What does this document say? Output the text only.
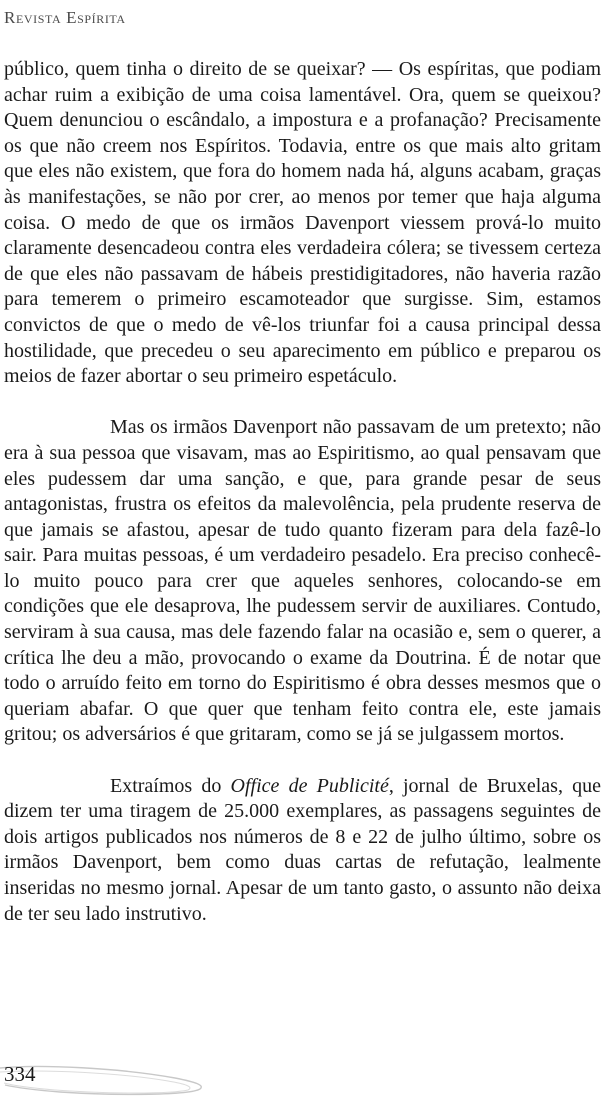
Revista Espírita

público, quem tinha o direito de se queixar? — Os espíritas, que podiam achar ruim a exibição de uma coisa lamentável. Ora, quem se queixou? Quem denunciou o escândalo, a impostura e a profanação? Precisamente os que não creem nos Espíritos. Todavia, entre os que mais alto gritam que eles não existem, que fora do homem nada há, alguns acabam, graças às manifestações, se não por crer, ao menos por temer que haja alguma coisa. O medo de que os irmãos Davenport viessem prová-lo muito claramente desencadeou contra eles verdadeira cólera; se tivessem certeza de que eles não passavam de hábeis prestidigitadores, não haveria razão para temerem o primeiro escamoteador que surgisse. Sim, estamos convictos de que o medo de vê-los triunfar foi a causa principal dessa hostilidade, que precedeu o seu aparecimento em público e preparou os meios de fazer abortar o seu primeiro espetáculo.

Mas os irmãos Davenport não passavam de um pretexto; não era à sua pessoa que visavam, mas ao Espiritismo, ao qual pensavam que eles pudessem dar uma sanção, e que, para grande pesar de seus antagonistas, frustra os efeitos da malevolência, pela prudente reserva de que jamais se afastou, apesar de tudo quanto fizeram para dela fazê-lo sair. Para muitas pessoas, é um verdadeiro pesadelo. Era preciso conhecê-lo muito pouco para crer que aqueles senhores, colocando-se em condições que ele desaprova, lhe pudessem servir de auxiliares. Contudo, serviram à sua causa, mas dele fazendo falar na ocasião e, sem o querer, a crítica lhe deu a mão, provocando o exame da Doutrina. É de notar que todo o arruído feito em torno do Espiritismo é obra desses mesmos que o queriam abafar. O que quer que tenham feito contra ele, este jamais gritou; os adversários é que gritaram, como se já se julgassem mortos.

Extraímos do Office de Publicité, jornal de Bruxelas, que dizem ter uma tiragem de 25.000 exemplares, as passagens seguintes de dois artigos publicados nos números de 8 e 22 de julho último, sobre os irmãos Davenport, bem como duas cartas de refutação, lealmente inseridas no mesmo jornal. Apesar de um tanto gasto, o assunto não deixa de ter seu lado instrutivo.

334
